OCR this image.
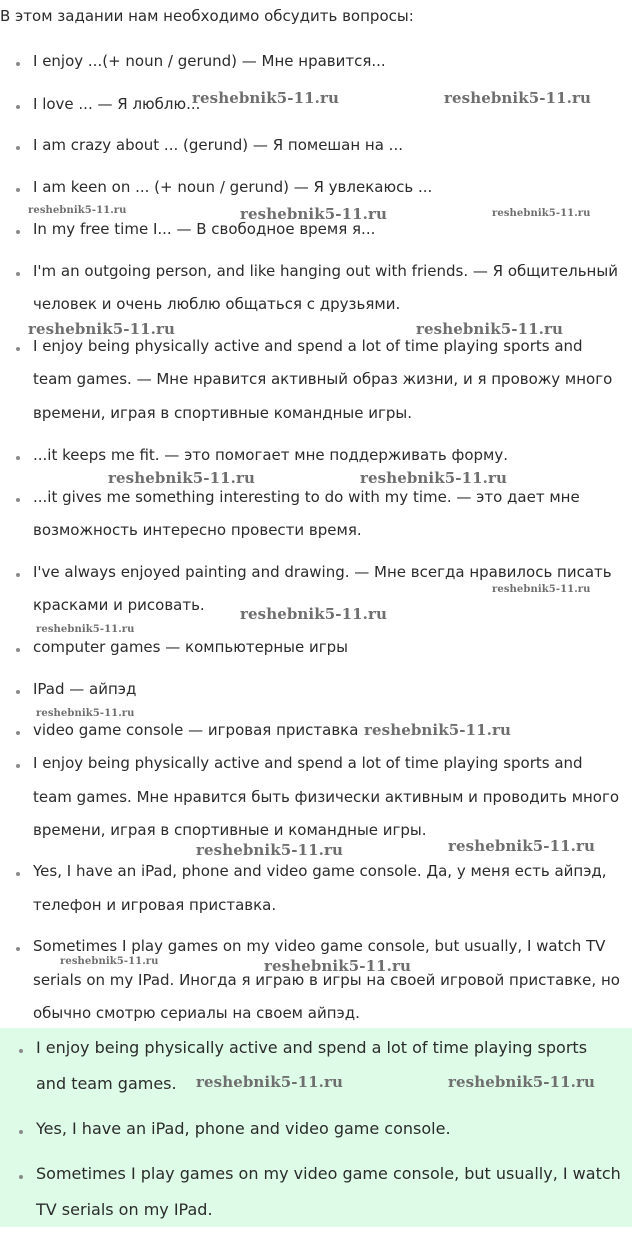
В этом задании нам необходимо обсудить вопросы:
I enjoy ...(+ noun / gerund) — Мне нравится...
I love ... — Я люблю...
I am crazy about ... (gerund) — Я помешан на ...
I am keen on ... (+ noun / gerund) — Я увлекаюсь ...
In my free time I... — В свободное время я...
I'm an outgoing person, and like hanging out with friends. — Я общительный
человек и очень люблю общаться с друзьями.
I enjoy being physically active and spend a lot of time playing sports and
team games. — Мне нравится активный образ жизни, и я провожу много
времени, играя в спортивные командные игры.
...it keeps me fit. — это помогает мне поддерживать форму.
...it gives me something interesting to do with my time. — это дает мне
возможность интересно провести время.
I've always enjoyed painting and drawing. — Мне всегда нравилось писать
красками и рисовать.
computer games — компьютерные игры
IPad — айпэд
video game console — игровая приставка
I enjoy being physically active and spend a lot of time playing sports and
team games. Мне нравится быть физически активным и проводить много
времени, играя в спортивные и командные игры.
Yes, I have an iPad, phone and video game console. Да, у меня есть айпэд,
телефон и игровая приставка.
Sometimes I play games on my video game console, but usually, I watch TV
serials on my IPad. Иногда я играю в игры на своей игровой приставке, но
обычно смотрю сериалы на своем айпэд.
I enjoy being physically active and spend a lot of time playing sports
and team games.
Yes, I have an iPad, phone and video game console.
Sometimes I play games on my video game console, but usually, I watch
TV serials on my IPad.
reshebnik5-11.ru	reshebnik5-11.ru
reshebnik5-11.ru	reshebnik5-11.ru	reshebnik5-11.ru
reshebnik5-11.ru	reshebnik5-11.ru
reshebnik5-11.ru	reshebnik5-11.ru
reshebnik5-11.ru
reshebnik5-11.ru
reshebnik5-11.ru
reshebnik5-11.ru
reshebnik5-11.ru
reshebnik5-11.ru	reshebnik5-11.ru
reshebnik5-11.ru	reshebnik5-11.ru
reshebnik5-11.ru	reshebnik5-11.ru
